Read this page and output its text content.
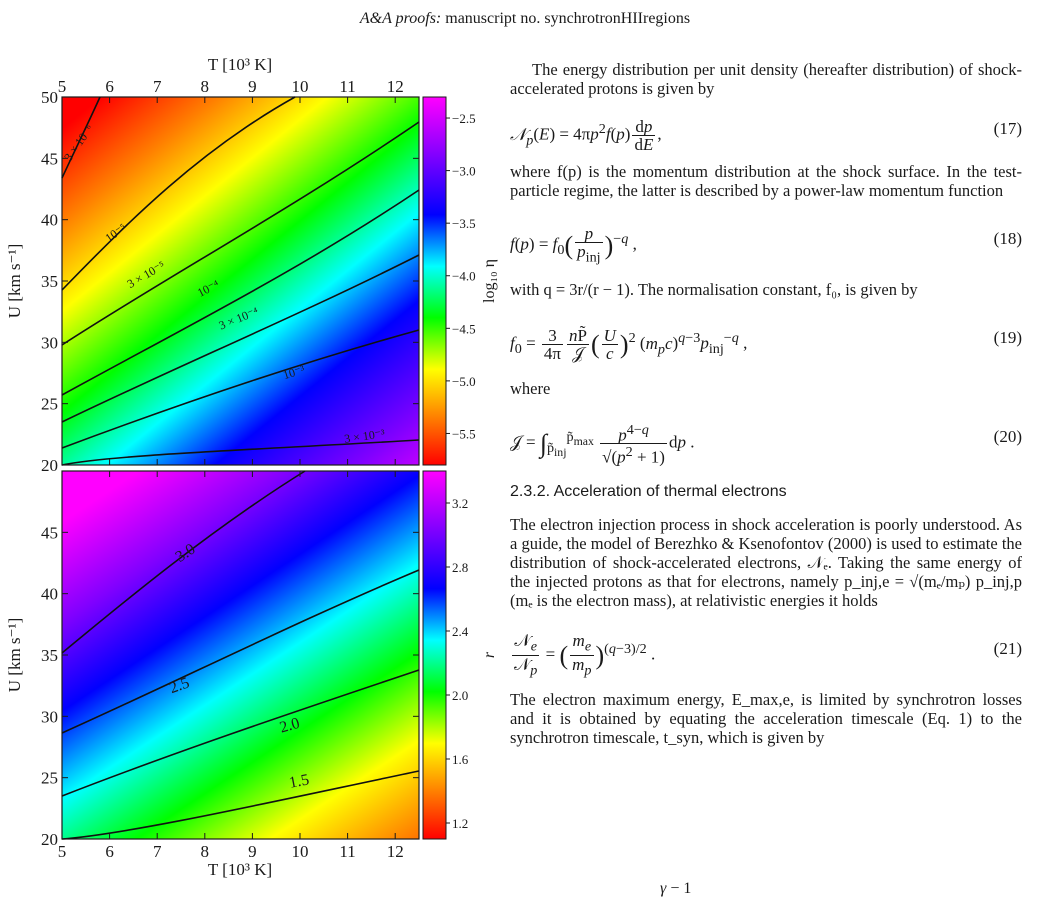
A&A proofs: manuscript no. synchrotronHIIregions
T [10³ K]
3 × 10⁻⁶
10⁻⁵
3 × 10⁻⁵ 10⁻⁴
3 × 10⁻⁴
10⁻³
3 × 10⁻³
3.0
2.5
2.0
1.5
U [km s⁻¹]
U [km s⁻¹]
log₁₀ η
r
T [10³ K]
5
5
6
6
7
7
8
8
9
9
10
10
11
11
12
12
20
25
30
35
40
45
50
20
25
30
35
40
45
−2.5
−3.0
−3.5
−4.0
−4.5
−5.0
−5.5
3.2
2.8
2.4
2.0
1.6
1.2

The energy distribution per unit density (hereafter distribution) of shock-accelerated protons is given by

𝒩$_p$(E) = $4\pi p^2f(p) \frac{dp}{dE}$ ,	(17)

where f(p) is the momentum distribution at the shock surface. In the test-particle regime, the latter is described by a power-law momentum function

$f(p) = f_0( \frac{p}{p_{inj}} )^{-q}$ ,	(18)

with q = 3r/(r − 1). The normalisation constant, f₀, is given by

$f_0 = \frac{3}{4\pi} \frac{nP̃}{\text{𝒥}}$ ( $\frac{U}{c} )^2$ $(m_pc)^{q-3}p_{inj}^{-q}$ ,	(19)

where

𝒥 = $\int_{p̃_{inj}}^{p̃_{max}} \frac{p^{4-q}}{√(p^2 + 1)}$ dp .	(20)
2.3.2. Acceleration of thermal electrons

The electron injection process in shock acceleration is poorly understood. As a guide, the model of Berezhko & Ksenofontov (2000) is used to estimate the distribution of shock-accelerated electrons, 𝒩ₑ. Taking the same energy of the injected protons as that for electrons, namely p_inj,e = √(mₑ/mₚ) p_inj,p (mₑ is the electron mass), at relativistic energies it holds

$\frac{𝒩_e}{𝒩_p}$ = ( $\frac{m_e}{m_p} )^{(q-3)/2}$ .	(21)

The electron maximum energy, E_max,e, is limited by synchrotron losses and it is obtained by equating the acceleration timescale (Eq. 1) to the synchrotron timescale, t_syn, which is given by

γ − 1
